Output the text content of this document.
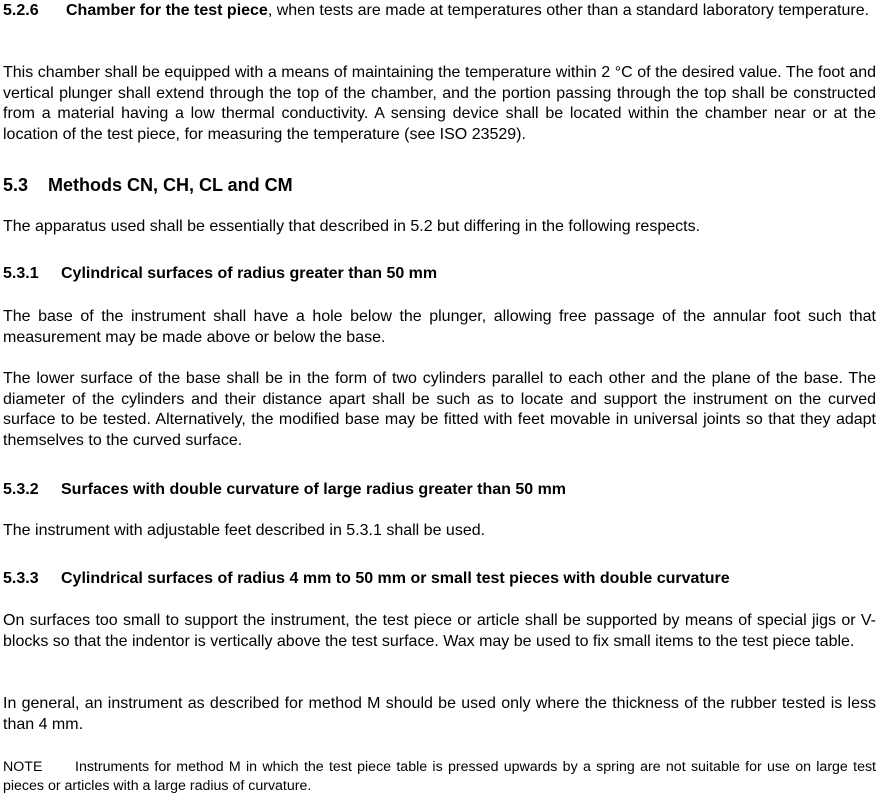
5.2.6 Chamber for the test piece, when tests are made at temperatures other than a standard laboratory temperature.

This chamber shall be equipped with a means of maintaining the temperature within 2 °C of the desired value. The foot and vertical plunger shall extend through the top of the chamber, and the portion passing through the top shall be constructed from a material having a low thermal conductivity. A sensing device shall be located within the chamber near or at the location of the test piece, for measuring the temperature (see ISO 23529).

5.3 Methods CN, CH, CL and CM

The apparatus used shall be essentially that described in 5.2 but differing in the following respects.

5.3.1 Cylindrical surfaces of radius greater than 50 mm

The base of the instrument shall have a hole below the plunger, allowing free passage of the annular foot such that measurement may be made above or below the base.

The lower surface of the base shall be in the form of two cylinders parallel to each other and the plane of the base. The diameter of the cylinders and their distance apart shall be such as to locate and support the instrument on the curved surface to be tested. Alternatively, the modified base may be fitted with feet movable in universal joints so that they adapt themselves to the curved surface.

5.3.2 Surfaces with double curvature of large radius greater than 50 mm

The instrument with adjustable feet described in 5.3.1 shall be used.

5.3.3 Cylindrical surfaces of radius 4 mm to 50 mm or small test pieces with double curvature

On surfaces too small to support the instrument, the test piece or article shall be supported by means of special jigs or V-blocks so that the indentor is vertically above the test surface. Wax may be used to fix small items to the test piece table.

In general, an instrument as described for method M should be used only where the thickness of the rubber tested is less than 4 mm.

NOTE Instruments for method M in which the test piece table is pressed upwards by a spring are not suitable for use on large test pieces or articles with a large radius of curvature.
